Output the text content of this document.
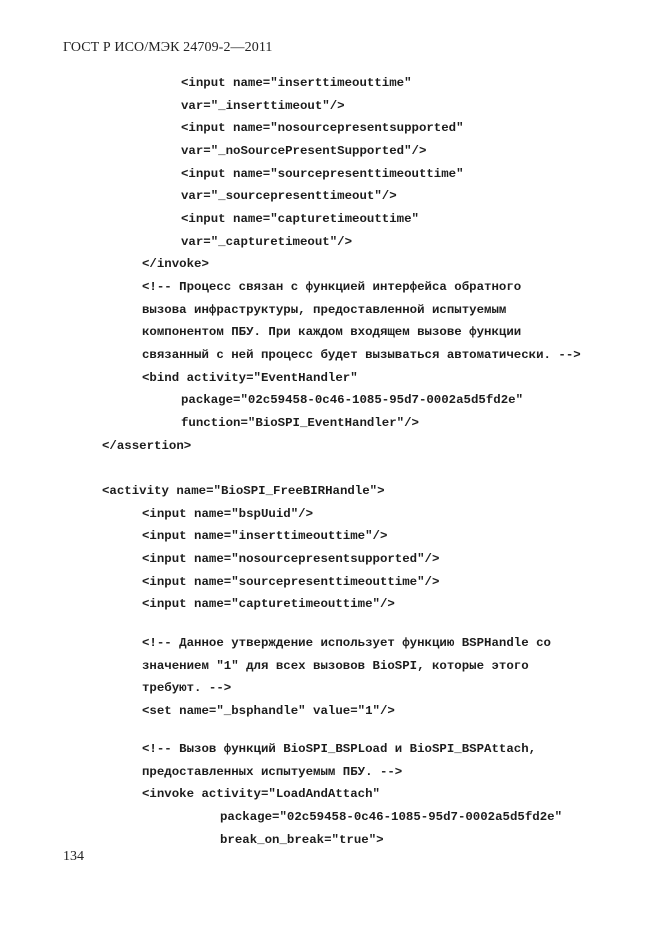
ГОСТ Р ИСО/МЭК 24709-2—2011
<input name="inserttimeouttime"
var="_inserttimeout"/>
<input name="nosourcepresentsupported"
var="_noSourcePresentSupported"/>
<input name="sourcepresenttimeouttime"
var="_sourcepresenttimeout"/>
<input name="capturetimeouttime"
var="_capturetimeout"/>
</invoke>
<!-- Процесс связан с функцией интерфейса обратного
вызова инфраструктуры, предоставленной испытуемым
компонентом ПБУ. При каждом входящем вызове функции
связанный с ней процесс будет вызываться автоматически. -->
<bind activity="EventHandler"
package="02c59458-0c46-1085-95d7-0002a5d5fd2e"
function="BioSPI_EventHandler"/>
</assertion>
<activity name="BioSPI_FreeBIRHandle">
<input name="bspUuid"/>
<input name="inserttimeouttime"/>
<input name="nosourcepresentsupported"/>
<input name="sourcepresenttimeouttime"/>
<input name="capturetimeouttime"/>
<!-- Данное утверждение использует функцию BSPHandle со
значением "1" для всех вызовов BioSPI, которые этого
требуют. -->
<set name="_bsphandle" value="1"/>
<!-- Вызов функций BioSPI_BSPLoad и BioSPI_BSPAttach,
предоставленных испытуемым ПБУ. -->
<invoke activity="LoadAndAttach"
package="02c59458-0c46-1085-95d7-0002a5d5fd2e"
break_on_break="true">
134
